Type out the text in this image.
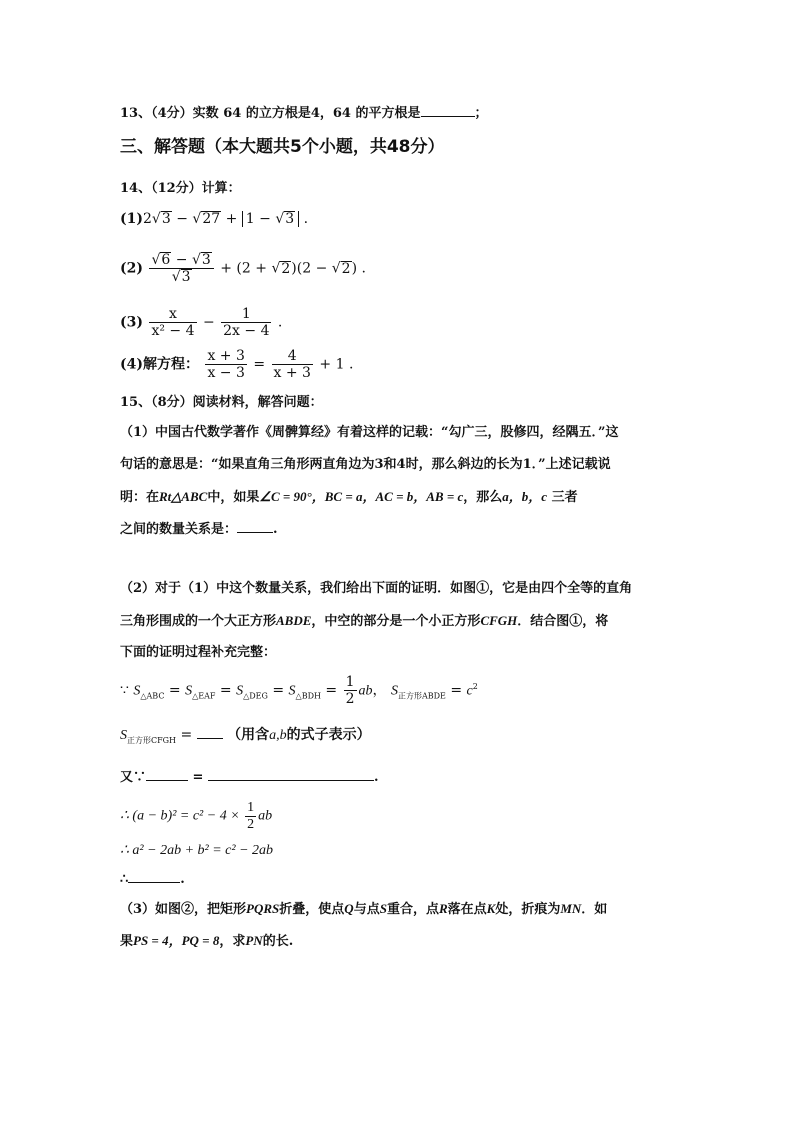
13、（4分）实数 64 的立方根是4，64 的平方根是	；
三、解答题（本大题共5个小题，共48分）
14、（12分）计算：
(1)2√3 − √27 + 1 − √3 .
$(2) \frac{√6 - √3}{√3} + (2 + √2)(2 - √2)$ .
$(3) \frac{x}{\text{x² − 4}} - \frac{1}{2x - 4}$ .
(4)解方程： $\frac{x + 3}{x - 3} = \frac{4}{x + 3} + 1$ .
15、（8分）阅读材料，解答问题：
（1）中国古代数学著作《周髀算经》有着这样的记载：“勾广三，股修四，经隅五．”这
句话的意思是：“如果直角三角形两直角边为3和4时，那么斜边的长为1．”上述记载说
明：在Rt△ABC中，如果∠C = 90°，BC = a，AC = b，AB = c，那么a，b，c 三者
之间的数量关系是：	.
（2）对于（1）中这个数量关系，我们给出下面的证明．如图①，它是由四个全等的直角
三角形围成的一个大正方形ABDE，中空的部分是一个小正方形CFGH．结合图①，将
下面的证明过程补充完整：
∵ $S_{\triangle ABC} = S_{\triangle EAF} = S_{\triangle DEG} = S_{\triangle BDH} = \frac{1}{2}$ ab， $S_{正方形ABDE} = c^2$
$S_{正方形CFGH}$ =  （用含a,b的式子表示）
又∵	=	.
∴ $(a - b)^2 = c^2 - 4 \times \frac{1}{2}$ ab
∴ a² − 2ab + b² = c² − 2ab
∴	.
（3）如图②，把矩形PQRS折叠，使点Q与点S重合，点R落在点K处，折痕为MN．如
果PS = 4，PQ = 8，求PN的长.
